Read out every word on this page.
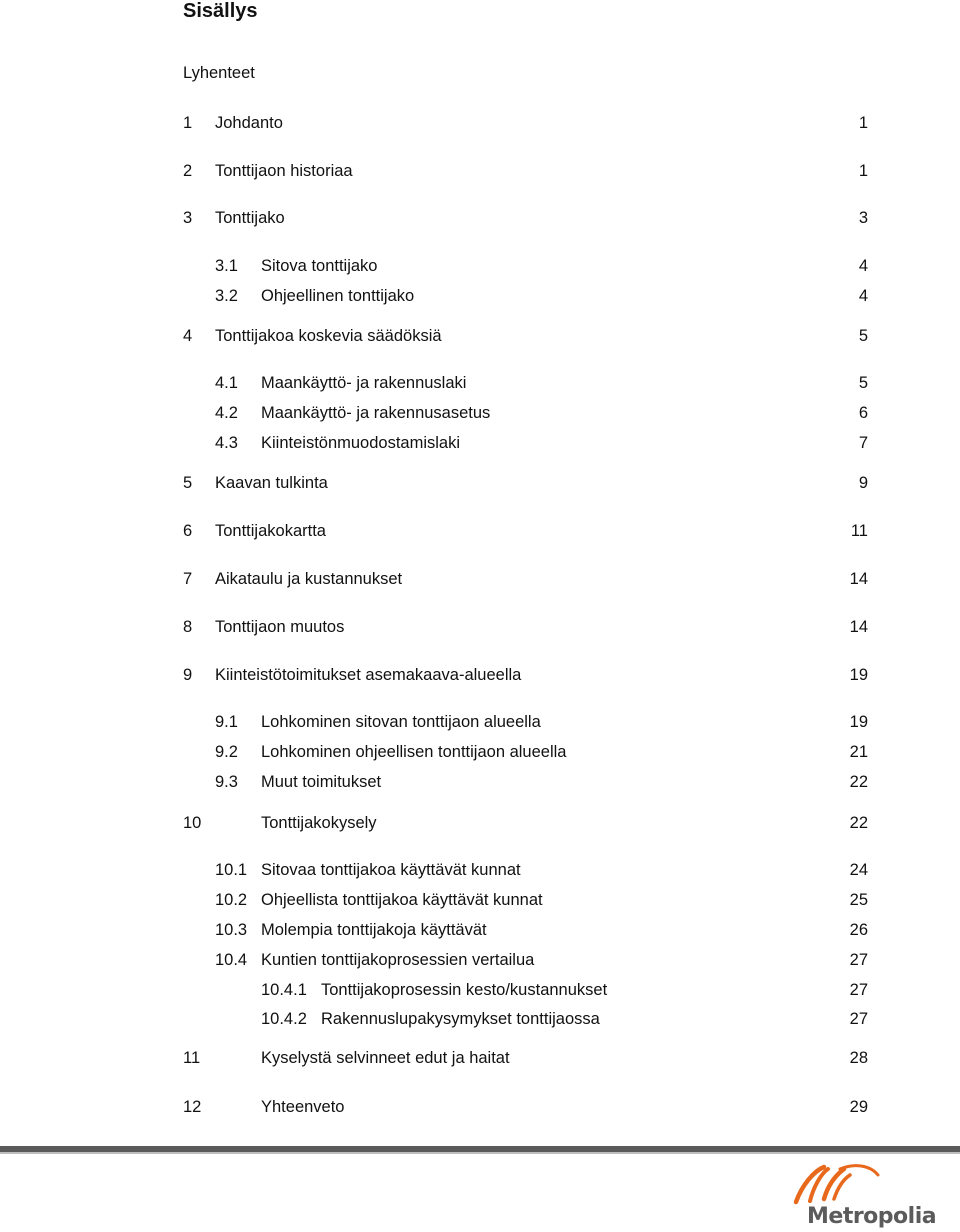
Sisällys
Lyhenteet
1 Johdanto	1
2 Tonttijaon historiaa	1
3 Tonttijako	3
3.1 Sitova tonttijako	4
3.2 Ohjeellinen tonttijako	4
4 Tonttijakoa koskevia säädöksiä	5
4.1 Maankäyttö- ja rakennuslaki	5
4.2 Maankäyttö- ja rakennusasetus	6
4.3 Kiinteistönmuodostamislaki	7
5 Kaavan tulkinta	9
6 Tonttijakokartta	11
7 Aikataulu ja kustannukset	14
8 Tonttijaon muutos	14
9 Kiinteistötoimitukset asemakaava-alueella	19
9.1 Lohkominen sitovan tonttijaon alueella	19
9.2 Lohkominen ohjeellisen tonttijaon alueella	21
9.3 Muut toimitukset	22
10	Tonttijakokysely	22
10.1 Sitovaa tonttijakoa käyttävät kunnat	24
10.2 Ohjeellista tonttijakoa käyttävät kunnat	25
10.3 Molempia tonttijakoja käyttävät	26
10.4 Kuntien tonttijakoprosessien vertailua	27
10.4.1 Tonttijakoprosessin kesto/kustannukset	27
10.4.2 Rakennuslupakysymykset tonttijaossa	27
11	Kyselystä selvinneet edut ja haitat	28
12	Yhteenveto	29
Metropolia
